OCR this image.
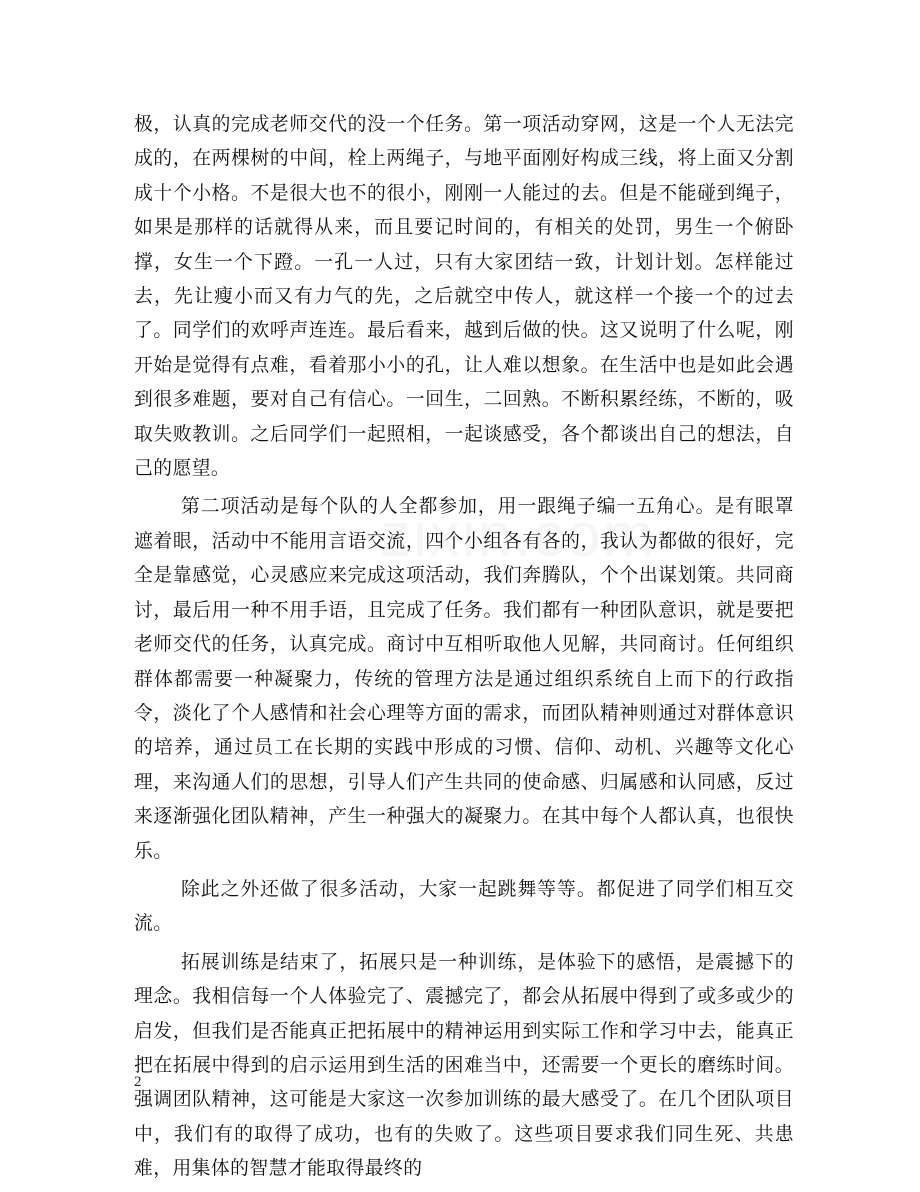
极，认真的完成老师交代的没一个任务。第一项活动穿网，这是一个人无法完成的，在两棵树的中间，栓上两绳子，与地平面刚好构成三线，将上面又分割成十个小格。不是很大也不的很小，刚刚一人能过的去。但是不能碰到绳子，如果是那样的话就得从来，而且要记时间的，有相关的处罚，男生一个俯卧撑，女生一个下蹬。一孔一人过，只有大家团结一致，计划计划。怎样能过去，先让瘦小而又有力气的先，之后就空中传人，就这样一个接一个的过去了。同学们的欢呼声连连。最后看来，越到后做的快。这又说明了什么呢，刚开始是觉得有点难，看着那小小的孔，让人难以想象。在生活中也是如此会遇到很多难题，要对自己有信心。一回生，二回熟。不断积累经练，不断的，吸取失败教训。之后同学们一起照相，一起谈感受，各个都谈出自己的想法，自己的愿望。

第二项活动是每个队的人全都参加，用一跟绳子编一五角心。是有眼罩遮着眼，活动中不能用言语交流，四个小组各有各的，我认为都做的很好，完全是靠感觉，心灵感应来完成这项活动，我们奔腾队，个个出谋划策。共同商讨，最后用一种不用手语，且完成了任务。我们都有一种团队意识，就是要把老师交代的任务，认真完成。商讨中互相听取他人见解，共同商讨。任何组织群体都需要一种凝聚力，传统的管理方法是通过组织系统自上而下的行政指令，淡化了个人感情和社会心理等方面的需求，而团队精神则通过对群体意识的培养，通过员工在长期的实践中形成的习惯、信仰、动机、兴趣等文化心理，来沟通人们的思想，引导人们产生共同的使命感、归属感和认同感，反过来逐渐强化团队精神，产生一种强大的凝聚力。在其中每个人都认真，也很快乐。

除此之外还做了很多活动，大家一起跳舞等等。都促进了同学们相互交流。

拓展训练是结束了，拓展只是一种训练，是体验下的感悟，是震撼下的理念。我相信每一个人体验完了、震撼完了，都会从拓展中得到了或多或少的启发，但我们是否能真正把拓展中的精神运用到实际工作和学习中去，能真正把在拓展中得到的启示运用到生活的困难当中，还需要一个更长的磨练时间。强调团队精神，这可能是大家这一次参加训练的最大感受了。在几个团队项目中，我们有的取得了成功，也有的失败了。这些项目要求我们同生死、共患难，用集体的智慧才能取得最终的

2
